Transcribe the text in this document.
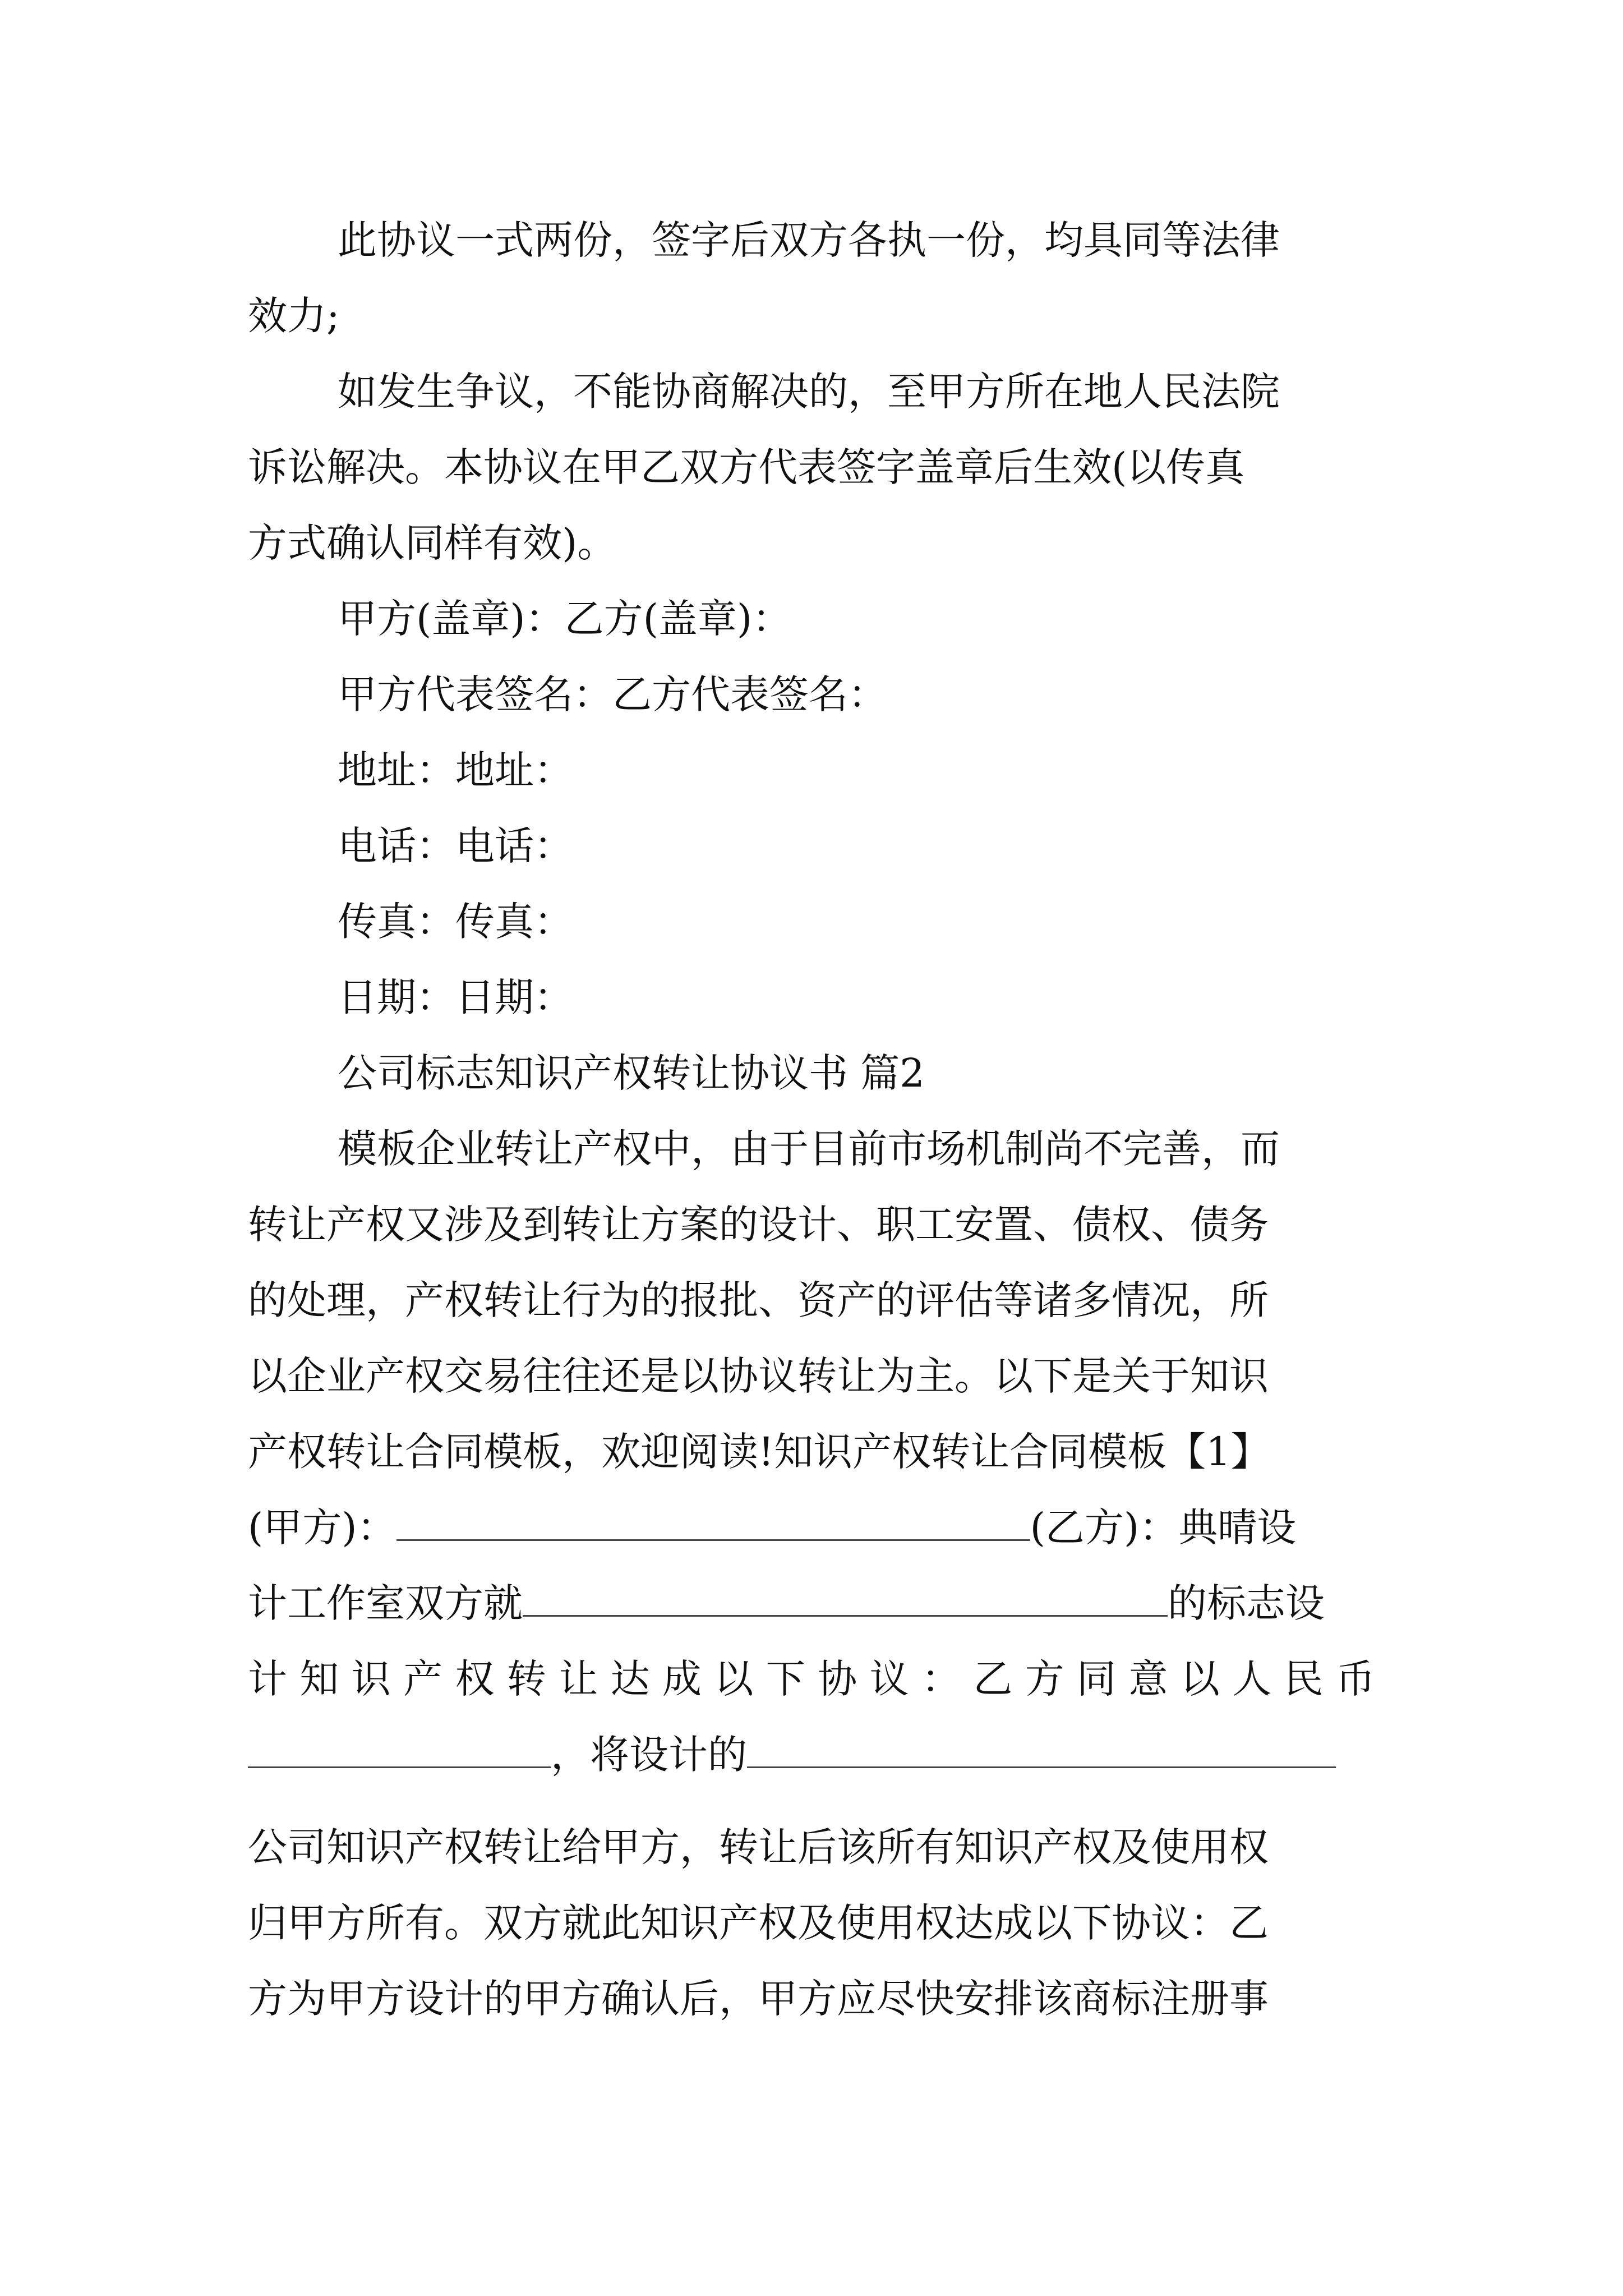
此协议一式两份，签字后双方各执一份，均具同等法律
效力;
如发生争议，不能协商解决的，至甲方所在地人民法院
诉讼解决。本协议在甲乙双方代表签字盖章后生效(以传真
方式确认同样有效)。
甲方(盖章)：乙方(盖章)：
甲方代表签名：乙方代表签名：
地址：地址：
电话：电话：
传真：传真：
日期：日期：
公司标志知识产权转让协议书 篇2
模板企业转让产权中，由于目前市场机制尚不完善，而
转让产权又涉及到转让方案的设计、职工安置、债权、债务
的处理，产权转让行为的报批、资产的评估等诸多情况，所
以企业产权交易往往还是以协议转让为主。以下是关于知识
产权转让合同模板，欢迎阅读!知识产权转让合同模板【1】
(甲方)：	(乙方)：典晴设
计工作室双方就	的标志设
计知识产权转让达成以下协议：乙方同意以人民币
，将设计的
公司知识产权转让给甲方，转让后该所有知识产权及使用权
归甲方所有。双方就此知识产权及使用权达成以下协议：乙
方为甲方设计的甲方确认后，甲方应尽快安排该商标注册事
